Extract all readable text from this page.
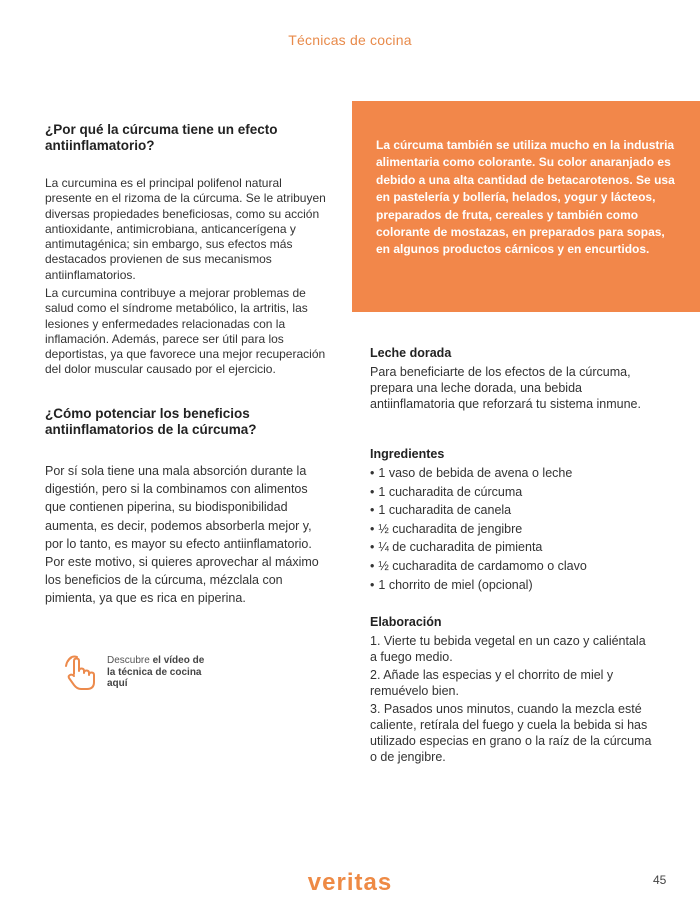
Técnicas de cocina
¿Por qué la cúrcuma tiene un efecto antiinflamatorio?

La curcumina es el principal polifenol natural presente en el rizoma de la cúrcuma. Se le atribuyen diversas propiedades beneficiosas, como su acción antioxidante, antimicrobiana, anticancerígena y antimutagénica; sin embargo, sus efectos más destacados provienen de sus mecanismos antiinflamatorios.

La curcumina contribuye a mejorar problemas de salud como el síndrome metabólico, la artritis, las lesiones y enfermedades relacionadas con la inflamación. Además, parece ser útil para los deportistas, ya que favorece una mejor recuperación del dolor muscular causado por el ejercicio.

¿Cómo potenciar los beneficios antiinflamatorios de la cúrcuma?

Por sí sola tiene una mala absorción durante la digestión, pero si la combinamos con alimentos que contienen piperina, su biodisponibilidad aumenta, es decir, podemos absorberla mejor y, por lo tanto, es mayor su efecto antiinflamatorio. Por este motivo, si quieres aprovechar al máximo los beneficios de la cúrcuma, mézclala con pimienta, ya que es rica en piperina.

Descubre el vídeo de la técnica de cocina aquí

La cúrcuma también se utiliza mucho en la industria alimentaria como colorante. Su color anaranjado es debido a una alta cantidad de betacarotenos. Se usa en pastelería y bollería, helados, yogur y lácteos, preparados de fruta, cereales y también como colorante de mostazas, en preparados para sopas, en algunos productos cárnicos y en encurtidos.

Leche dorada

Para beneficiarte de los efectos de la cúrcuma, prepara una leche dorada, una bebida antiinflamatoria que reforzará tu sistema inmune.

Ingredientes
• 1 vaso de bebida de avena o leche
• 1 cucharadita de cúrcuma
• 1 cucharadita de canela
• ½ cucharadita de jengibre
• ¼ de cucharadita de pimienta
• ½ cucharadita de cardamomo o clavo
• 1 chorrito de miel (opcional)
Elaboración
1. Vierte tu bebida vegetal en un cazo y caliéntala a fuego medio.
2. Añade las especias y el chorrito de miel y remuévelo bien.
3. Pasados unos minutos, cuando la mezcla esté caliente, retírala del fuego y cuela la bebida si has utilizado especias en grano o la raíz de la cúrcuma o de jengibre.
veritas	45
